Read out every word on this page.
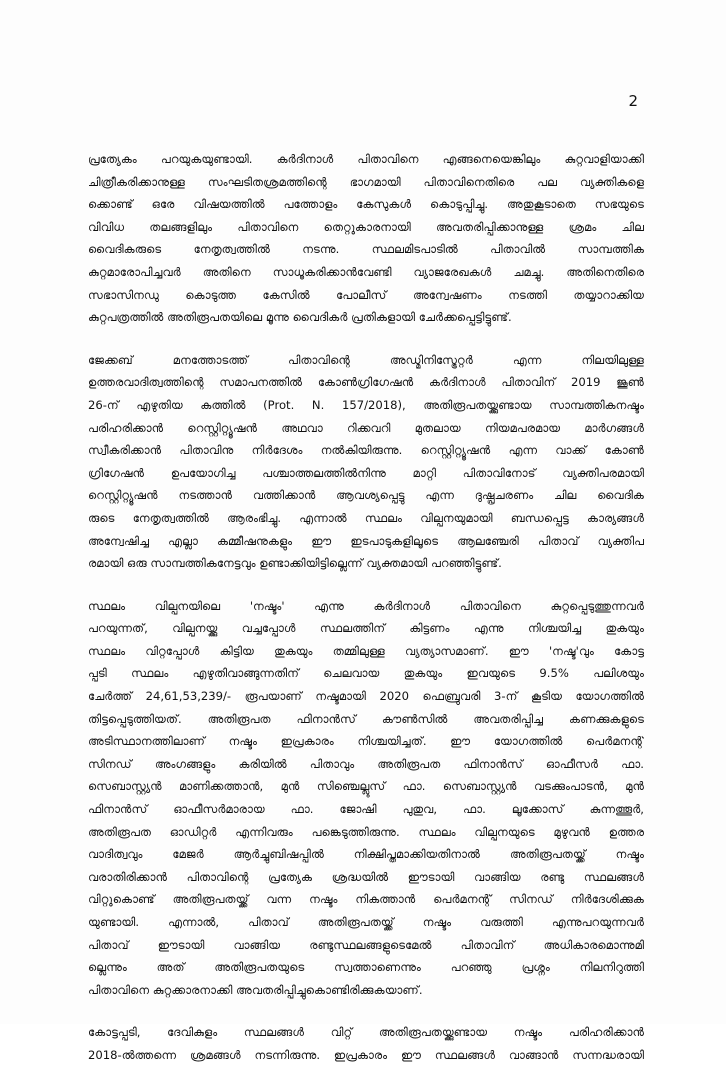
2

പ്രത്യേകം പറയുകയുണ്ടായി. കർദിനാൾ പിതാവിനെ എങ്ങനെയെങ്കിലും കുറ്റവാളിയാക്കി
ചിത്രീകരിക്കാനുള്ള സംഘടിതശ്രമത്തിന്റെ ഭാഗമായി പിതാവിനെതിരെ പല വ്യക്തികളെ
ക്കൊണ്ട് ഒരേ വിഷയത്തിൽ പത്തോളം കേസുകൾ കൊടുപ്പിച്ചു. അതുകൂടാതെ സഭയുടെ
വിവിധ തലങ്ങളിലും പിതാവിനെ തെറ്റുകാരനായി അവതരിപ്പിക്കാനുള്ള ശ്രമം ചില
വൈദികരുടെ നേതൃത്വത്തിൽ നടന്നു. സ്ഥലമിടപാടിൽ പിതാവിൽ സാമ്പത്തിക
കുറ്റമാരോപിച്ചവർ അതിനെ സാധൂകരിക്കാൻവേണ്ടി വ്യാജരേഖകൾ ചമച്ചു. അതിനെതിരെ
സഭാസിനഡു കൊടുത്ത കേസിൽ പോലീസ് അന്വേഷണം നടത്തി തയ്യാറാക്കിയ
കുറ്റപത്രത്തിൽ അതിരൂപതയിലെ മൂന്നു വൈദികർ പ്രതികളായി ചേർക്കപ്പെട്ടിട്ടുണ്ട്.

ജേക്കബ് മനത്തോടത്ത് പിതാവിന്റെ അഡ്മിനിസ്ട്രേറ്റർ എന്ന നിലയിലുള്ള
ഉത്തരവാദിത്വത്തിന്റെ സമാപനത്തിൽ കോൺഗ്രിഗേഷൻ കർദിനാൾ പിതാവിന് 2019 ജൂൺ
26-ന് എഴുതിയ കത്തിൽ (Prot. N. 157/2018), അതിരൂപതയ്ക്കുണ്ടായ സാമ്പത്തികനഷ്ടം
പരിഹരിക്കാൻ റെസ്റ്റിറ്റ്യൂഷൻ അഥവാ റിക്കവറി മുതലായ നിയമപരമായ മാർഗങ്ങൾ
സ്വീകരിക്കാൻ പിതാവിനു നിർദേശം നൽകിയിരുന്നു. റെസ്റ്റിറ്റ്യൂഷൻ എന്ന വാക്ക് കോൺ
ഗ്രിഗേഷൻ ഉപയോഗിച്ച പശ്ചാത്തലത്തിൽനിന്നു മാറ്റി പിതാവിനോട് വ്യക്തിപരമായി
റെസ്റ്റിറ്റ്യൂഷൻ നടത്താൻ വത്തിക്കാൻ ആവശ്യപ്പെട്ടു എന്ന ദുഷ്പ്രചരണം ചില വൈദിക
രുടെ നേതൃത്വത്തിൽ ആരംഭിച്ചു. എന്നാൽ സ്ഥലം വില്പനയുമായി ബന്ധപ്പെട്ട കാര്യങ്ങൾ
അന്വേഷിച്ച എല്ലാ കമ്മീഷനുകളും ഈ ഇടപാടുകളിലൂടെ ആലഞ്ചേരി പിതാവ് വ്യക്തിപ
രമായി ഒരു സാമ്പത്തികനേട്ടവും ഉണ്ടാക്കിയിട്ടില്ലെന്ന് വ്യക്തമായി പറഞ്ഞിട്ടുണ്ട്.

സ്ഥലം വില്പനയിലെ 'നഷ്ടം' എന്നു കർദിനാൾ പിതാവിനെ കുറ്റപ്പെടുത്തുന്നവർ
പറയുന്നത്, വില്പനയ്ക്കു വച്ചപ്പോൾ സ്ഥലത്തിന് കിട്ടണം എന്നു നിശ്ചയിച്ച തുകയും
സ്ഥലം വിറ്റപ്പോൾ കിട്ടിയ തുകയും തമ്മിലുള്ള വ്യത്യാസമാണ്. ഈ 'നഷ്ട'വും കോട്ട
പ്പടി സ്ഥലം എഴുതിവാങ്ങുന്നതിന് ചെലവായ തുകയും ഇവയുടെ 9.5% പലിശയും
ചേർത്ത് 24,61,53,239/- രൂപയാണ് നഷ്ടമായി 2020 ഫെബ്രുവരി 3-ന് കൂടിയ യോഗത്തിൽ
തിട്ടപ്പെടുത്തിയത്. അതിരൂപത ഫിനാൻസ് കൗൺസിൽ അവതരിപ്പിച്ച കണക്കുകളുടെ
അടിസ്ഥാനത്തിലാണ് നഷ്ടം ഇപ്രകാരം നിശ്ചയിച്ചത്. ഈ യോഗത്തിൽ പെർമനന്റ്
സിനഡ് അംഗങ്ങളും കരിയിൽ പിതാവും അതിരൂപത ഫിനാൻസ് ഓഫീസർ ഫാ.
സെബാസ്റ്റ്യൻ മാണിക്കത്താൻ, മുൻ സിഞ്ചെല്ലൂസ് ഫാ. സെബാസ്റ്റ്യൻ വടക്കുംപാടൻ, മുൻ
ഫിനാൻസ് ഓഫീസർമാരായ ഫാ. ജോഷി പുതുവ, ഫാ. ലൂക്കോസ് കുന്നത്തൂർ,
അതിരൂപത ഓഡിറ്റർ എന്നിവരും പങ്കെടുത്തിരുന്നു. സ്ഥലം വില്പനയുടെ മുഴുവൻ ഉത്തര
വാദിത്വവും മേജർ ആർച്ചുബിഷപ്പിൽ നിക്ഷിപ്തമാക്കിയതിനാൽ അതിരൂപതയ്ക്ക് നഷ്ടം
വരാതിരിക്കാൻ പിതാവിന്റെ പ്രത്യേക ശ്രദ്ധയിൽ ഈടായി വാങ്ങിയ രണ്ടു സ്ഥലങ്ങൾ
വിറ്റുകൊണ്ട് അതിരൂപതയ്ക്ക് വന്ന നഷ്ടം നികത്താൻ പെർമനന്റ് സിനഡ് നിർദേശിക്കുക
യുണ്ടായി. എന്നാൽ, പിതാവ് അതിരൂപതയ്ക്ക് നഷ്ടം വരുത്തി എന്നുപറയുന്നവർ
പിതാവ് ഈടായി വാങ്ങിയ രണ്ടുസ്ഥലങ്ങളുടെമേൽ പിതാവിന് അധികാരമൊന്നുമി
ല്ലെന്നും അത് അതിരൂപതയുടെ സ്വത്താണെന്നും പറഞ്ഞു പ്രശ്നം നിലനിറുത്തി
പിതാവിനെ കുറ്റക്കാരനാക്കി അവതരിപ്പിച്ചുകൊണ്ടിരിക്കുകയാണ്.

കോട്ടപ്പടി, ദേവികുളം സ്ഥലങ്ങൾ വിറ്റ് അതിരൂപതയ്ക്കുണ്ടായ നഷ്ടം പരിഹരിക്കാൻ
2018-ൽത്തന്നെ ശ്രമങ്ങൾ നടന്നിരുന്നു. ഇപ്രകാരം ഈ സ്ഥലങ്ങൾ വാങ്ങാൻ സന്നദ്ധരായി
